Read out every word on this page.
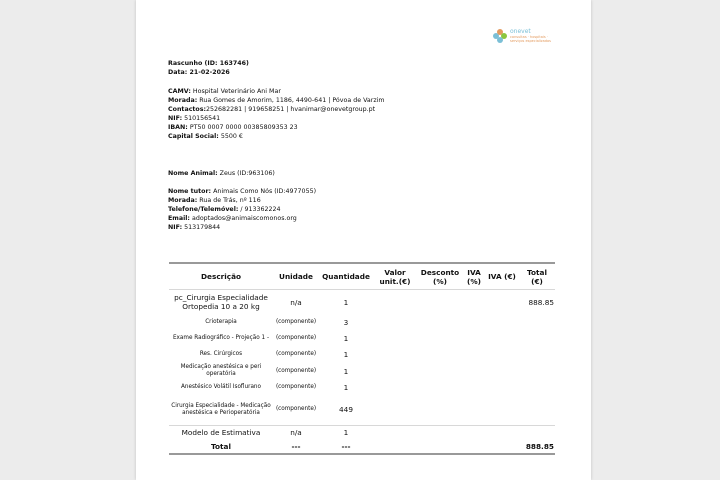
onevet
consultas · hospitais ·
serviços especializados
Rascunho (ID: 163746)
Data: 21-02-2026
CAMV: Hospital Veterinário Ani Mar
Morada: Rua Gomes de Amorim, 1186, 4490-641 | Póvoa de Varzim
Contactos:252682281 | 919658251 | hvanimar@onevetgroup.pt
NIF: 510156541
IBAN: PT50 0007 0000 00385809353 23
Capital Social: 5500 €
Nome Animal: Zeus (ID:963106)
Nome tutor: Animais Como Nós (ID:4977055)
Morada: Rua de Trás, nº 116
Telefone/Telemóvel: / 913362224
Email: adoptados@animaiscomonos.org
NIF: 513179844
Descrição	Unidade	Quantidade	Valor unit.(€)	Desconto (%)	IVA (%)	IVA (€)	Total (€)
pc_Cirurgia Especialidade Ortopedia 10 a 20 kg	n/a	1					888.85
Crioterapia	(componente)	3					
Exame Radiográfico - Projeção 1 -	(componente)	1					
Res. Cirúrgicos	(componente)	1					
Medicação anestésica e peri operatória	(componente)	1					
Anestésico Volátil Isoflurano	(componente)	1					
Cirurgia Especialidade - Medicação anestésica e Perioperatória	(componente)	449					
Modelo de Estimativa	n/a	1					
Total	---	---					888.85
